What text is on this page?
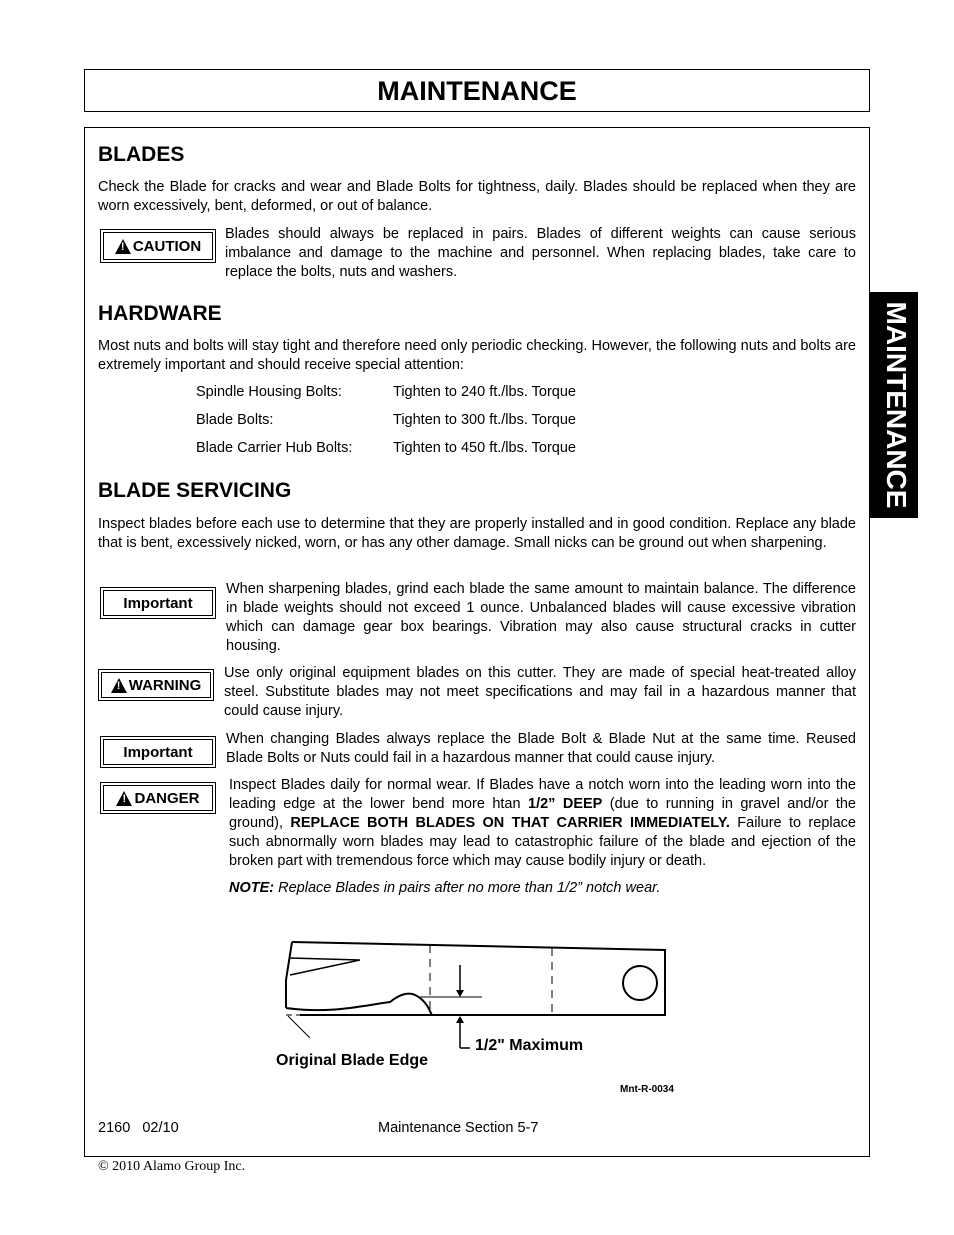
MAINTENANCE
MAINTENANCE
BLADES
Check the Blade for cracks and wear and Blade Bolts for tightness, daily. Blades should be replaced when they are worn excessively, bent, deformed, or out of balance.
!
CAUTION
Blades should always be replaced in pairs. Blades of different weights can cause serious imbalance and damage to the machine and personnel. When replacing blades, take care to replace the bolts, nuts and washers.
HARDWARE
Most nuts and bolts will stay tight and therefore need only periodic checking. However, the following nuts and bolts are extremely important and should receive special attention:
Spindle Housing Bolts:	Tighten to 240 ft./lbs. Torque
Blade Bolts:	Tighten to 300 ft./lbs. Torque
Blade Carrier Hub Bolts:	Tighten to 450 ft./lbs. Torque
BLADE SERVICING
Inspect blades before each use to determine that they are properly installed and in good condition. Replace any blade that is bent, excessively nicked, worn, or has any other damage. Small nicks can be ground out when sharpening.
Important
When sharpening blades, grind each blade the same amount to maintain balance. The difference in blade weights should not exceed 1 ounce. Unbalanced blades will cause excessive vibration which can damage gear box bearings. Vibration may also cause structural cracks in cutter housing.
!
WARNING
Use only original equipment blades on this cutter. They are made of special heat-treated alloy steel. Substitute blades may not meet specifications and may fail in a hazardous manner that could cause injury.
Important
When changing Blades always replace the Blade Bolt & Blade Nut at the same time. Reused Blade Bolts or Nuts could fail in a hazardous manner that could cause injury.
!
DANGER
Inspect Blades daily for normal wear. If Blades have a notch worn into the leading worn into the leading edge at the lower bend more htan 1/2” DEEP (due to running in gravel and/or the ground), REPLACE BOTH BLADES ON THAT CARRIER IMMEDIATELY. Failure to replace such abnormally worn blades may lead to catastrophic failure of the blade and ejection of the broken part with tremendous force which may cause bodily injury or death.
NOTE: Replace Blades in pairs after no more than 1/2” notch wear.
1/2" Maximum
Original Blade Edge
Mnt-R-0034
2160   02/10	Maintenance Section 5-7
© 2010 Alamo Group Inc.
